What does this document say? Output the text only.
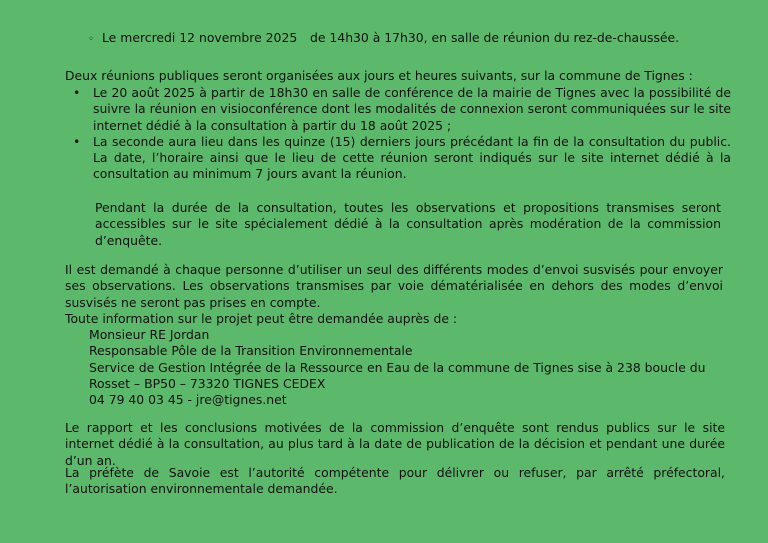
◦ Le mercredi 12 novembre 2025 de 14h30 à 17h30, en salle de réunion du rez-de-chaussée.
Deux réunions publiques seront organisées aux jours et heures suivants, sur la commune de Tignes :
• Le 20 août 2025 à partir de 18h30 en salle de conférence de la mairie de Tignes avec la possibilité de suivre la réunion en visioconférence dont les modalités de connexion seront communiquées sur le site internet dédié à la consultation à partir du 18 août 2025 ;
• La seconde aura lieu dans les quinze (15) derniers jours précédant la fin de la consultation du public. La date, l’horaire ainsi que le lieu de cette réunion seront indiqués sur le site internet dédié à la consultation au minimum 7 jours avant la réunion.
Pendant la durée de la consultation, toutes les observations et propositions transmises seront accessibles sur le site spécialement dédié à la consultation après modération de la commission d’enquête.
Il est demandé à chaque personne d’utiliser un seul des différents modes d’envoi susvisés pour envoyer ses observations. Les observations transmises par voie dématérialisée en dehors des modes d’envoi susvisés ne seront pas prises en compte.
Toute information sur le projet peut être demandée auprès de :
Monsieur RE Jordan
Responsable Pôle de la Transition Environnementale
Service de Gestion Intégrée de la Ressource en Eau de la commune de Tignes sise à 238 boucle du
Rosset – BP50 – 73320 TIGNES CEDEX
04 79 40 03 45 - jre@tignes.net
Le rapport et les conclusions motivées de la commission d’enquête sont rendus publics sur le site internet dédié à la consultation, au plus tard à la date de publication de la décision et pendant une durée d’un an.
La préfète de Savoie est l’autorité compétente pour délivrer ou refuser, par arrêté préfectoral, l’autorisation environnementale demandée.
